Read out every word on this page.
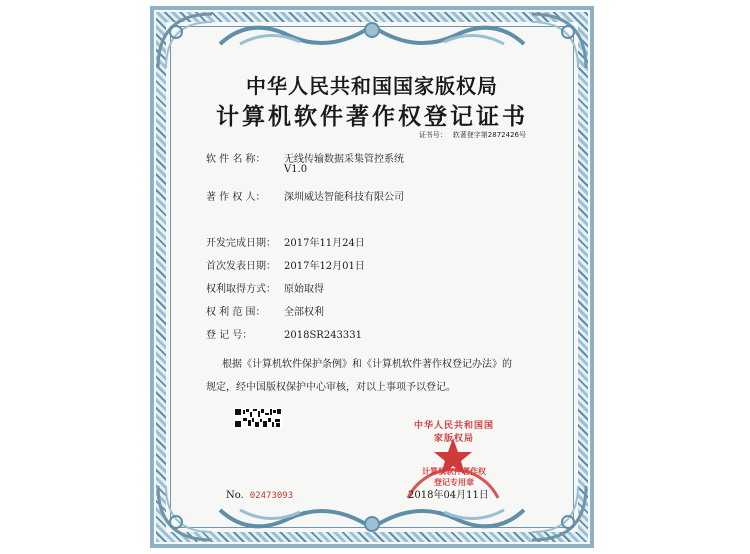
中华人民共和国国家版权局
计算机软件著作权登记证书
证书号： 软著登字第2872426号
软 件 名 称： 无线传输数据采集管控系统
V1.0
著 作 权 人： 深圳威达智能科技有限公司
开发完成日期： 2017年11月24日
首次发表日期： 2017年12月01日
权利取得方式： 原始取得
权 利 范 围： 全部权利
登 记 号：	2018SR243331
根据《计算机软件保护条例》和《计算机软件著作权登记办法》的
规定，经中国版权保护中心审核，对以上事项予以登记。
中华人民共和国国家版权局
计算机软件著作权
登记专用章
No. 02473093	2018年04月11日
